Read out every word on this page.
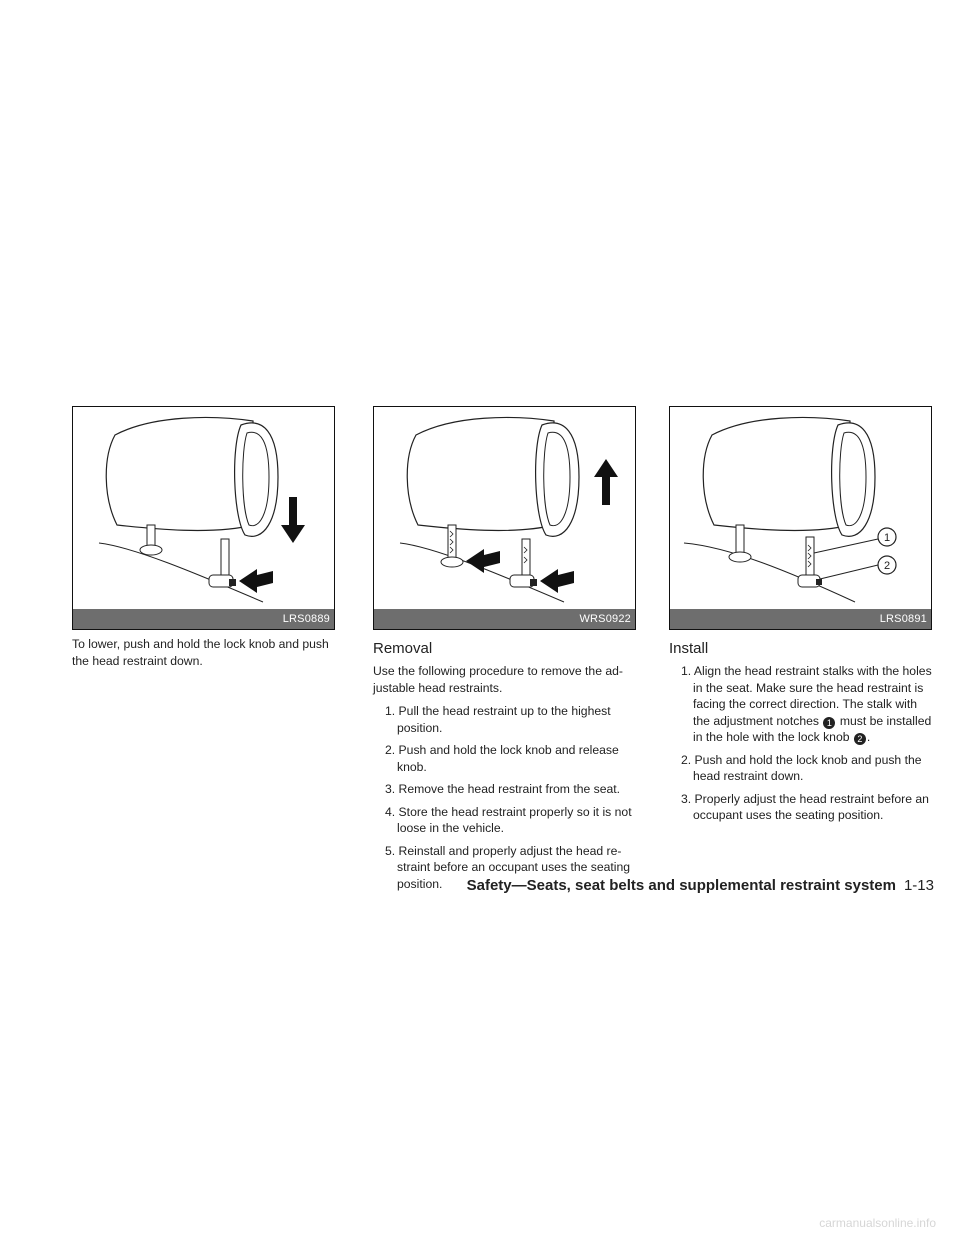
LRS0889
To lower, push and hold the lock knob and push the head restraint down.
WRS0922
Removal
Use the following procedure to remove the ad-justable head restraints.
1. Pull the head restraint up to the highest position.
2. Push and hold the lock knob and release knob.
3. Remove the head restraint from the seat.
4. Store the head restraint properly so it is not loose in the vehicle.
5. Reinstall and properly adjust the head re-straint before an occupant uses the seating position.
1
2
LRS0891
Install
1. Align the head restraint stalks with the holes in the seat. Make sure the head restraint is facing the correct direction. The stalk with the adjustment notches 1 must be installed in the hole with the lock knob 2 .
2. Push and hold the lock knob and push the head restraint down.
3. Properly adjust the head restraint before an occupant uses the seating position.
Safety—Seats, seat belts and supplemental restraint system 1-13
carmanualsonline.info
